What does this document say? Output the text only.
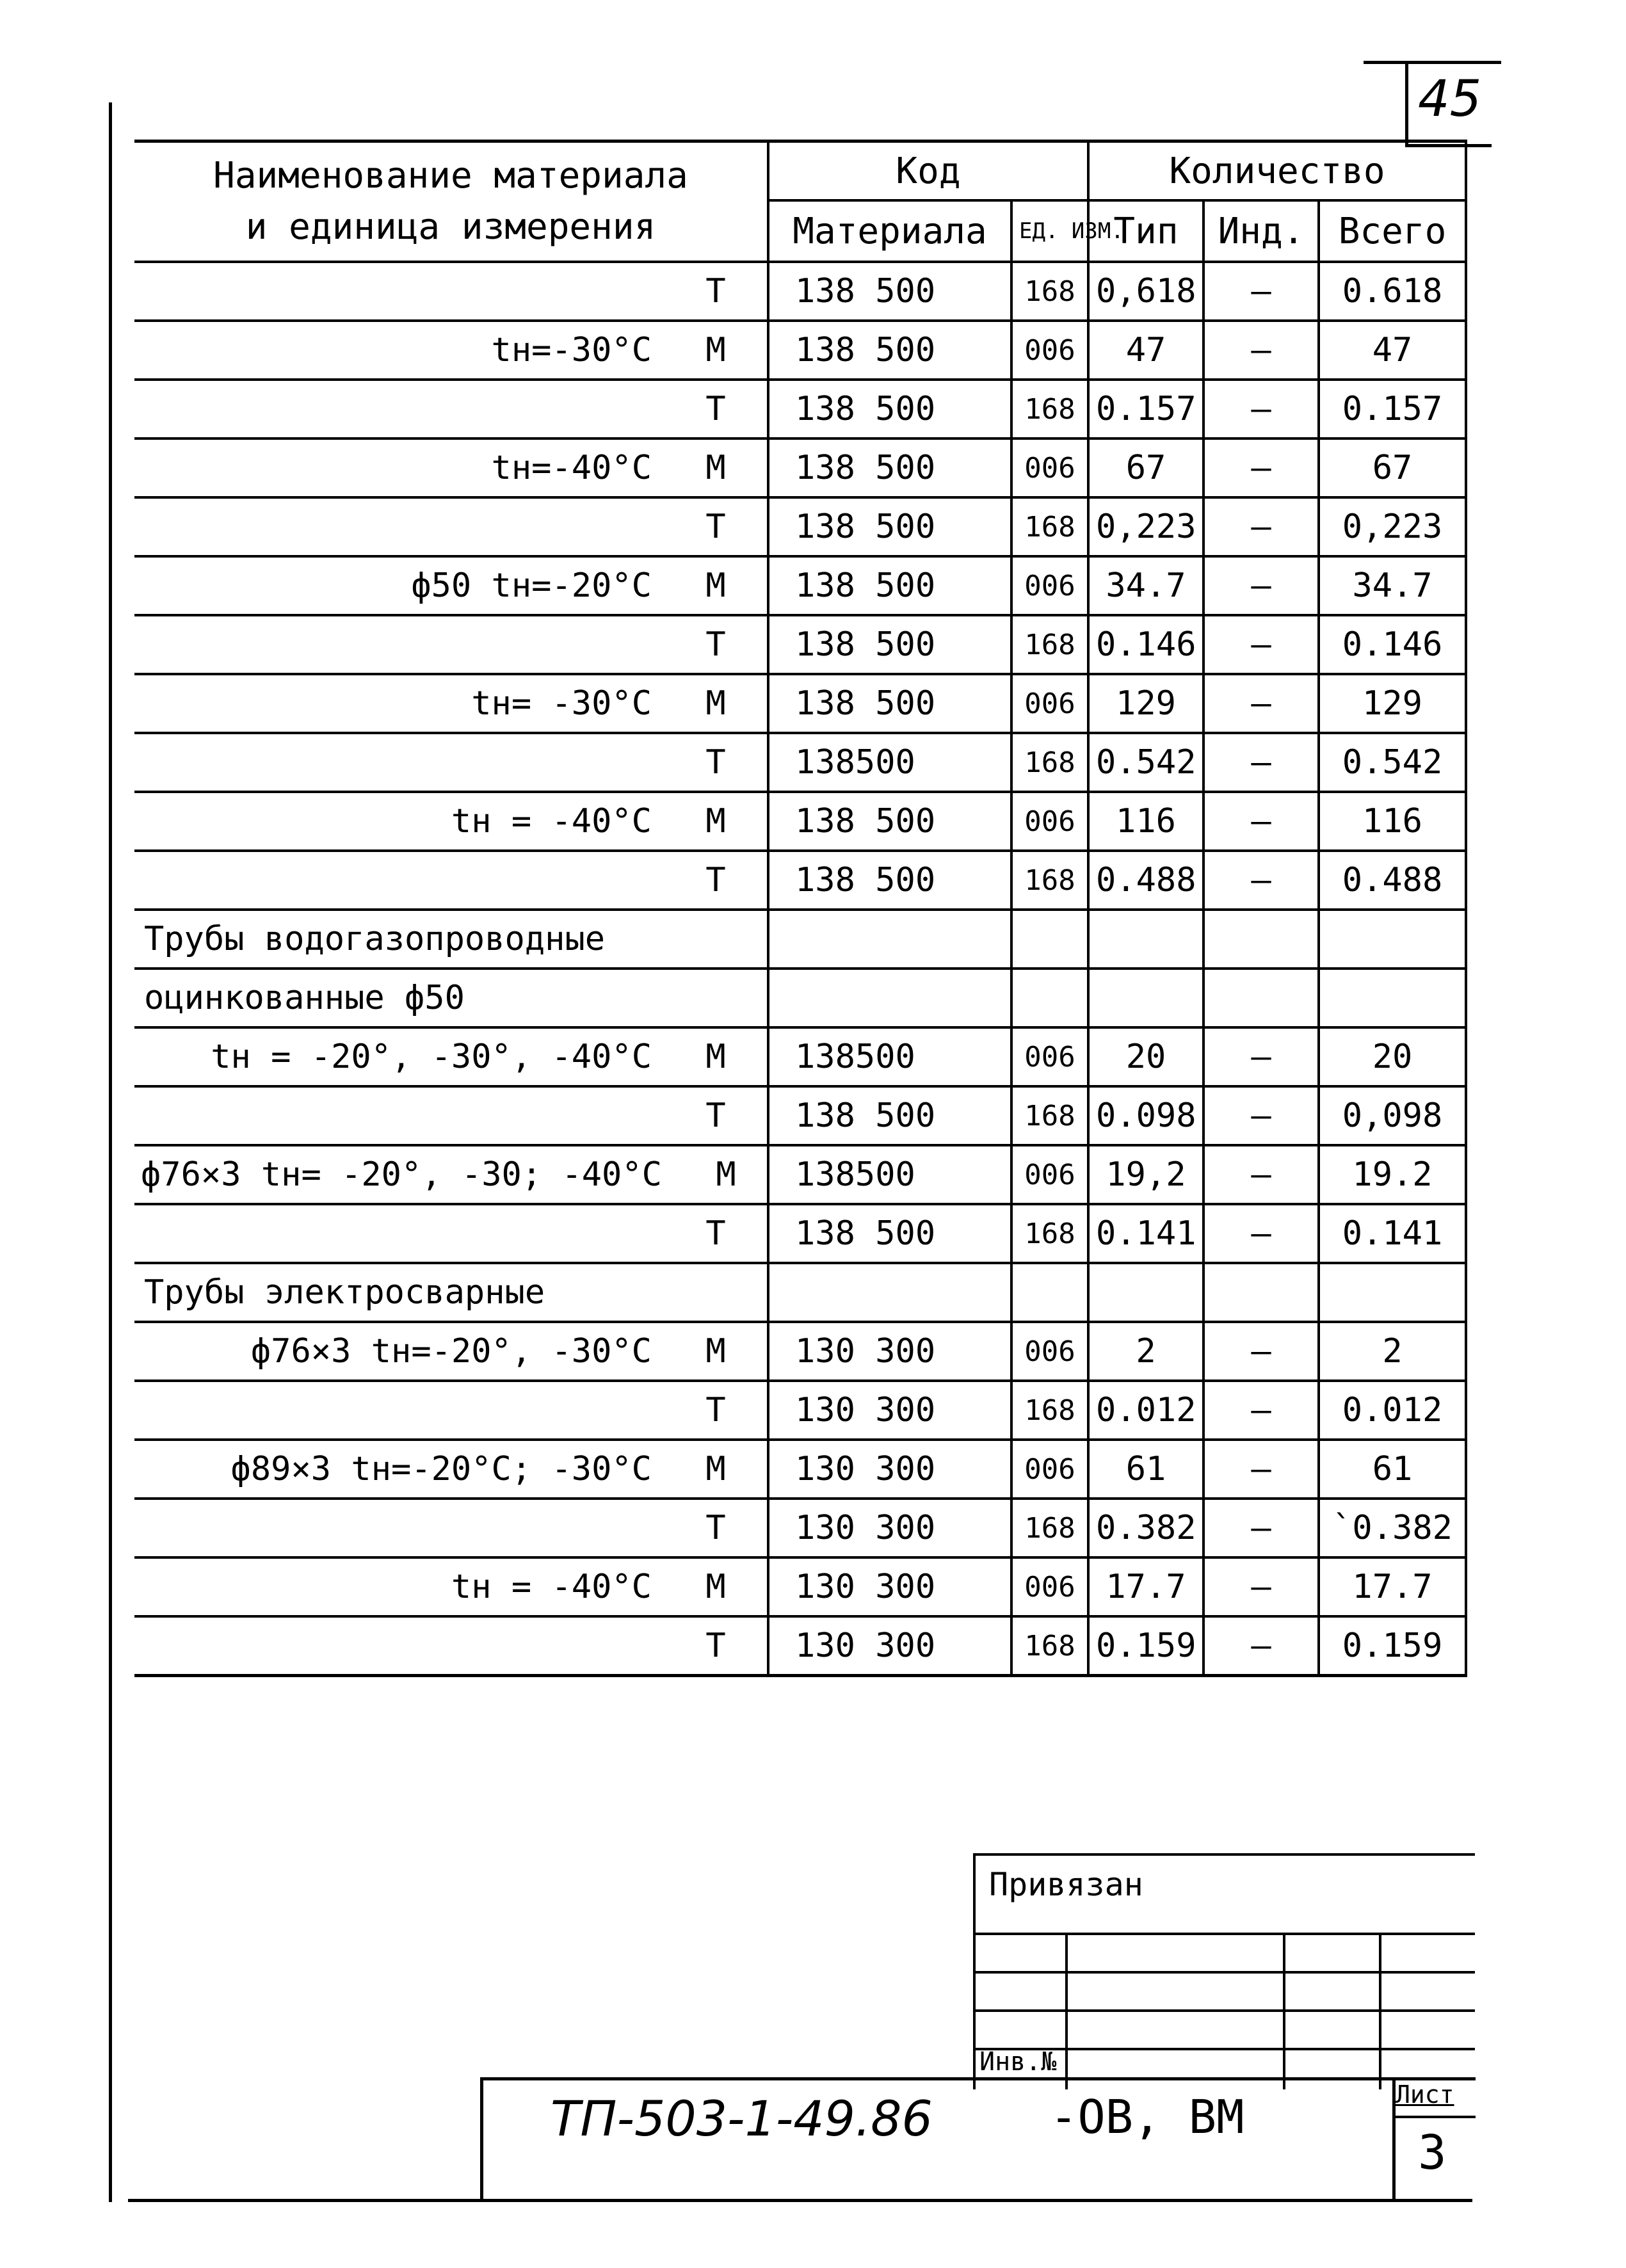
45
Наименование материала
и единица измерения	Код		Количество		
	Материала	ЕД. ИЗМ.	Тип	Инд.	Всего
Т	138 500	168	0,618	—	0.618
tн=-30°С М	138 500	006	47	—	47
Т	138 500	168	0.157	—	0.157
tн=-40°С М	138 500	006	67	—	67
Т	138 500	168	0,223	—	0,223
ф50 tн=-20°С М	138 500	006	34.7	—	34.7
Т	138 500	168	0.146	—	0.146
tн= -30°С М	138 500	006	129	—	129
Т	138500	168	0.542	—	0.542
tн = -40°С М	138 500	006	116	—	116
Т	138 500	168	0.488	—	0.488
Трубы водогазопроводные					
оцинкованные ф50					
tн = -20°, -30°, -40°С М	138500	006	20	—	20
Т	138 500	168	0.098	—	0,098
ф76×3 tн= -20°, -30; -40°С М	138500	006	19,2	—	19.2
Т	138 500	168	0.141	—	0.141
Трубы электросварные					
ф76×3 tн=-20°, -30°С М	130 300	006	2	—	2
Т	130 300	168	0.012	—	0.012
ф89×3 tн=-20°С; -30°С М	130 300	006	61	—	61
Т	130 300	168	0.382	—	`0.382
tн = -40°С М	130 300	006	17.7	—	17.7
Т	130 300	168	0.159	—	0.159
Привязан
Инв.№
ТП-503-1-49.86	-ОВ, ВМ	Лист
3
